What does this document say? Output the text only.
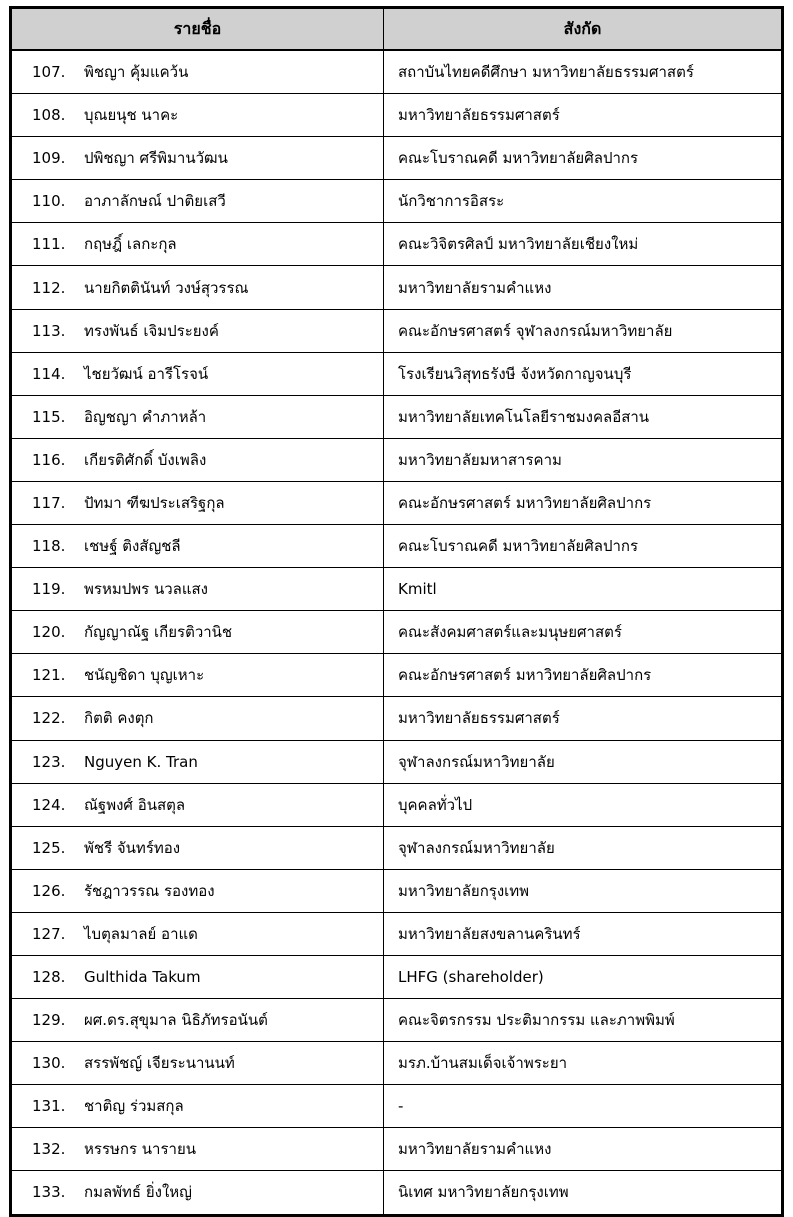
รายชื่อ	สังกัด
107. พิชญา คุ้มแคว้น	สถาบันไทยคดีศึกษา มหาวิทยาลัยธรรมศาสตร์
108. บุณยนุช นาคะ	มหาวิทยาลัยธรรมศาสตร์
109. ปพิชญา ศรีพิมานวัฒน	คณะโบราณคดี มหาวิทยาลัยศิลปากร
110. อาภาลักษณ์ ปาติยเสวี	นักวิชาการอิสระ
111. กฤษฎิ์ เลกะกุล	คณะวิจิตรศิลป์ มหาวิทยาลัยเชียงใหม่
112. นายกิตตินันท์ วงษ์สุวรรณ	มหาวิทยาลัยรามคำแหง
113. ทรงพันธ์ เจิมประยงค์	คณะอักษรศาสตร์ จุฬาลงกรณ์มหาวิทยาลัย
114. ไชยวัฒน์ อารีโรจน์	โรงเรียนวิสุทธรังษี จังหวัดกาญจนบุรี
115. อิญชญา คำภาหล้า	มหาวิทยาลัยเทคโนโลยีราชมงคลอีสาน
116. เกียรติศักดิ์ บังเพลิง	มหาวิทยาลัยมหาสารคาม
117. ปัทมา ฑีฆประเสริฐกุล	คณะอักษรศาสตร์ มหาวิทยาลัยศิลปากร
118. เชษฐ์ ติงสัญชลี	คณะโบราณคดี มหาวิทยาลัยศิลปากร
119. พรหมปพร นวลแสง	Kmitl
120. กัญญาณัฐ เกียรติวานิช	คณะสังคมศาสตร์และมนุษยศาสตร์
121. ชนัญชิดา บุญเหาะ	คณะอักษรศาสตร์ มหาวิทยาลัยศิลปากร
122. กิตติ คงตุก	มหาวิทยาลัยธรรมศาสตร์
123. Nguyen K. Tran	จุฬาลงกรณ์มหาวิทยาลัย
124. ณัฐพงศ์ อินสตุล	บุคคลทั่วไป
125. พัชรี จันทร์ทอง	จุฬาลงกรณ์มหาวิทยาลัย
126. รัชฎาวรรณ รองทอง	มหาวิทยาลัยกรุงเทพ
127. ไบตุลมาลย์ อาแด	มหาวิทยาลัยสงขลานครินทร์
128. Gulthida Takum	LHFG (shareholder)
129. ผศ.ดร.สุขุมาล นิธิภัทรอนันต์	คณะจิตรกรรม ประติมากรรม และภาพพิมพ์
130. สรรพัชญ์ เจียระนานนท์	มรภ.บ้านสมเด็จเจ้าพระยา
131. ชาติญ ร่วมสกุล	-
132. หรรษกร นารายน	มหาวิทยาลัยรามคำแหง
133. กมลพัทธ์ ยิ่งใหญ่	นิเทศ มหาวิทยาลัยกรุงเทพ
